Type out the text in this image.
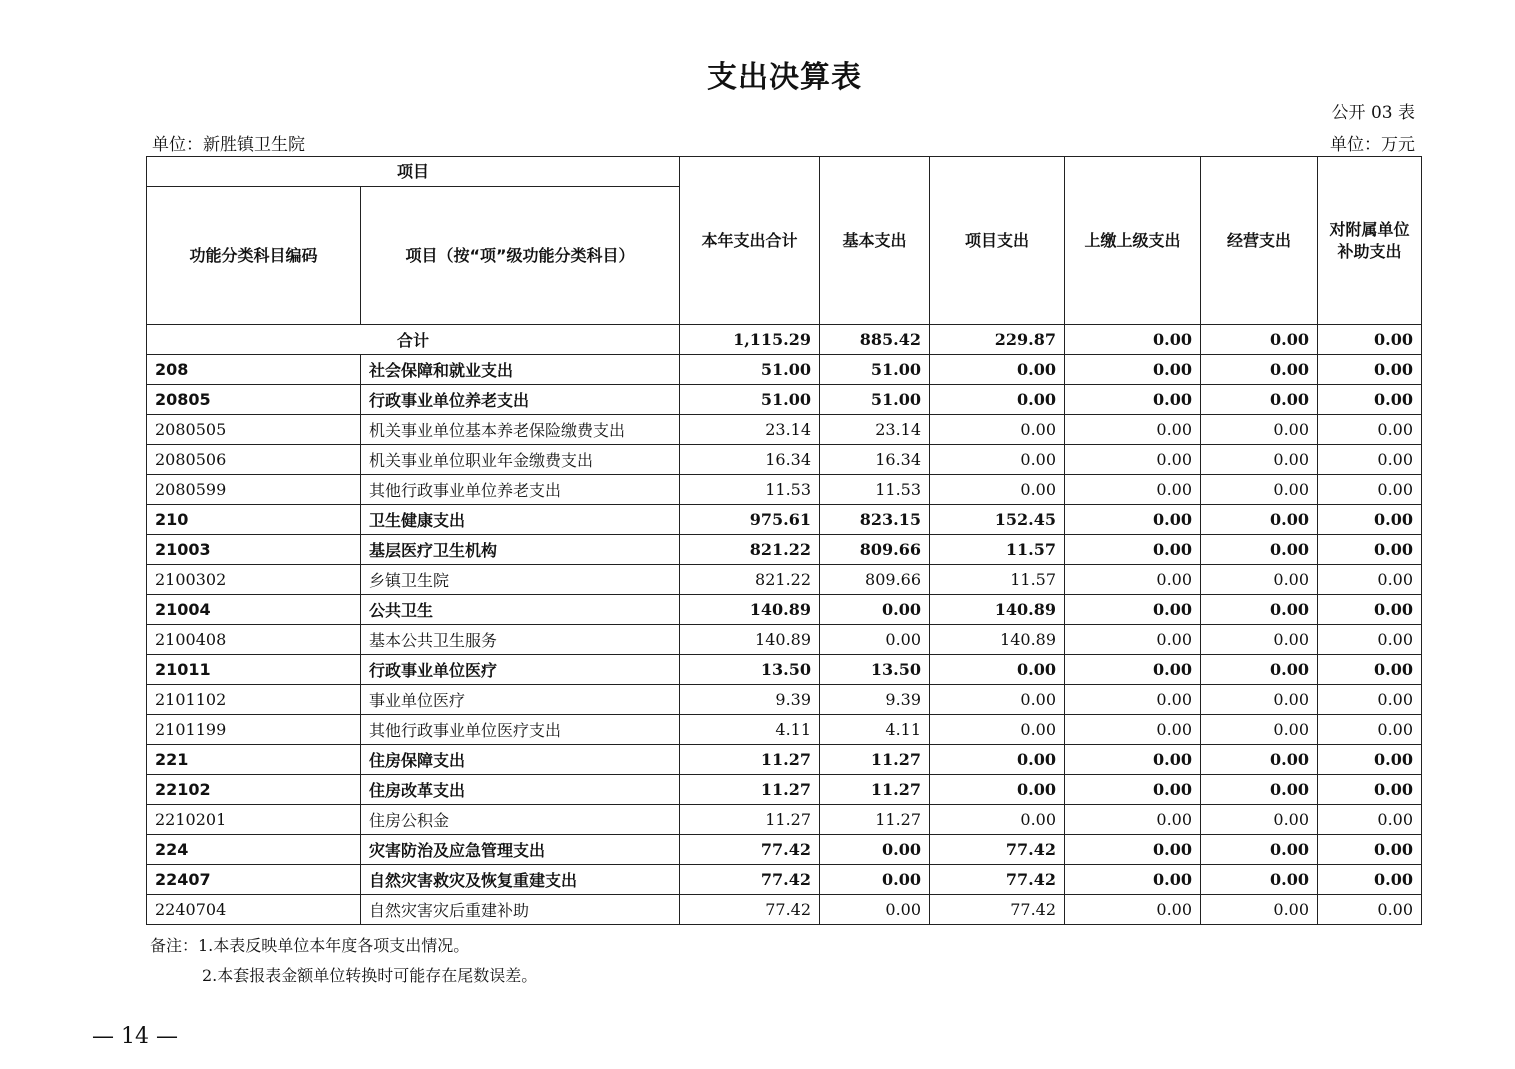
支出决算表
公开 03 表
单位：新胜镇卫生院	单位：万元
项目		本年支出合计	基本支出	项目支出	上缴上级支出	经营支出	对附属单位补助支出
功能分类科目编码	项目（按“项”级功能分类科目）						
合计		1,115.29	885.42	229.87	0.00	0.00	0.00
208	社会保障和就业支出	51.00	51.00	0.00	0.00	0.00	0.00
20805	行政事业单位养老支出	51.00	51.00	0.00	0.00	0.00	0.00
2080505	机关事业单位基本养老保险缴费支出	23.14	23.14	0.00	0.00	0.00	0.00
2080506	机关事业单位职业年金缴费支出	16.34	16.34	0.00	0.00	0.00	0.00
2080599	其他行政事业单位养老支出	11.53	11.53	0.00	0.00	0.00	0.00
210	卫生健康支出	975.61	823.15	152.45	0.00	0.00	0.00
21003	基层医疗卫生机构	821.22	809.66	11.57	0.00	0.00	0.00
2100302	乡镇卫生院	821.22	809.66	11.57	0.00	0.00	0.00
21004	公共卫生	140.89	0.00	140.89	0.00	0.00	0.00
2100408	基本公共卫生服务	140.89	0.00	140.89	0.00	0.00	0.00
21011	行政事业单位医疗	13.50	13.50	0.00	0.00	0.00	0.00
2101102	事业单位医疗	9.39	9.39	0.00	0.00	0.00	0.00
2101199	其他行政事业单位医疗支出	4.11	4.11	0.00	0.00	0.00	0.00
221	住房保障支出	11.27	11.27	0.00	0.00	0.00	0.00
22102	住房改革支出	11.27	11.27	0.00	0.00	0.00	0.00
2210201	住房公积金	11.27	11.27	0.00	0.00	0.00	0.00
224	灾害防治及应急管理支出	77.42	0.00	77.42	0.00	0.00	0.00
22407	自然灾害救灾及恢复重建支出	77.42	0.00	77.42	0.00	0.00	0.00
2240704	自然灾害灾后重建补助	77.42	0.00	77.42	0.00	0.00	0.00
备注：1.本表反映单位本年度各项支出情况。
2.本套报表金额单位转换时可能存在尾数误差。
— 14 —
